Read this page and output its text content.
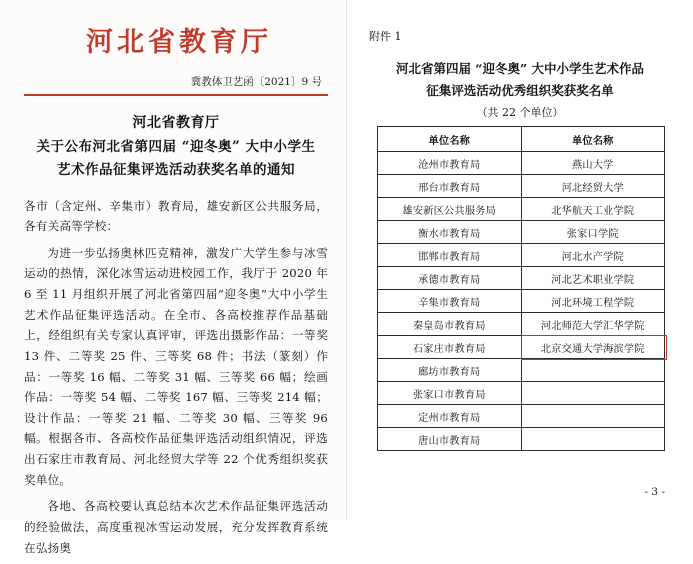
河北省教育厅
冀教体卫艺函〔2021〕9 号
河北省教育厅
关于公布河北省第四届 “迎冬奥” 大中小学生
艺术作品征集评选活动获奖名单的通知

各市（含定州、辛集市）教育局，雄安新区公共服务局，各有关高等学校：

为进一步弘扬奥林匹克精神，激发广大学生参与冰雪运动的热情，深化冰雪运动进校园工作，我厅于 2020 年 6 至 11 月组织开展了河北省第四届“迎冬奥”大中小学生艺术作品征集评选活动。在全市、各高校推荐作品基础上，经组织有关专家认真评审，评选出摄影作品：一等奖 13 件、二等奖 25 件、三等奖 68 件；书法（篆刻）作品：一等奖 16 幅、二等奖 31 幅、三等奖 66 幅；绘画作品：一等奖 54 幅、二等奖 167 幅、三等奖 214 幅；设计作品：一等奖 21 幅、二等奖 30 幅、三等奖 96 幅。根据各市、各高校作品征集评选活动组织情况，评选出石家庄市教育局、河北经贸大学等 22 个优秀组织奖获奖单位。

各地、各高校要认真总结本次艺术作品征集评选活动的经验做法，高度重视冰雪运动发展，充分发挥教育系统在弘扬奥

附件 1
河北省第四届 “迎冬奥” 大中小学生艺术作品
征集评选活动优秀组织奖获奖名单
（共 22 个单位）
单位名称	单位名称
沧州市教育局	燕山大学
邢台市教育局	河北经贸大学
雄安新区公共服务局	北华航天工业学院
衡水市教育局	张家口学院
邯郸市教育局	河北水产学院
承德市教育局	河北艺术职业学院
辛集市教育局	河北环境工程学院
秦皇岛市教育局	河北师范大学汇华学院
石家庄市教育局	北京交通大学海滨学院
廊坊市教育局	
张家口市教育局	
定州市教育局	
唐山市教育局	
- 3 -
